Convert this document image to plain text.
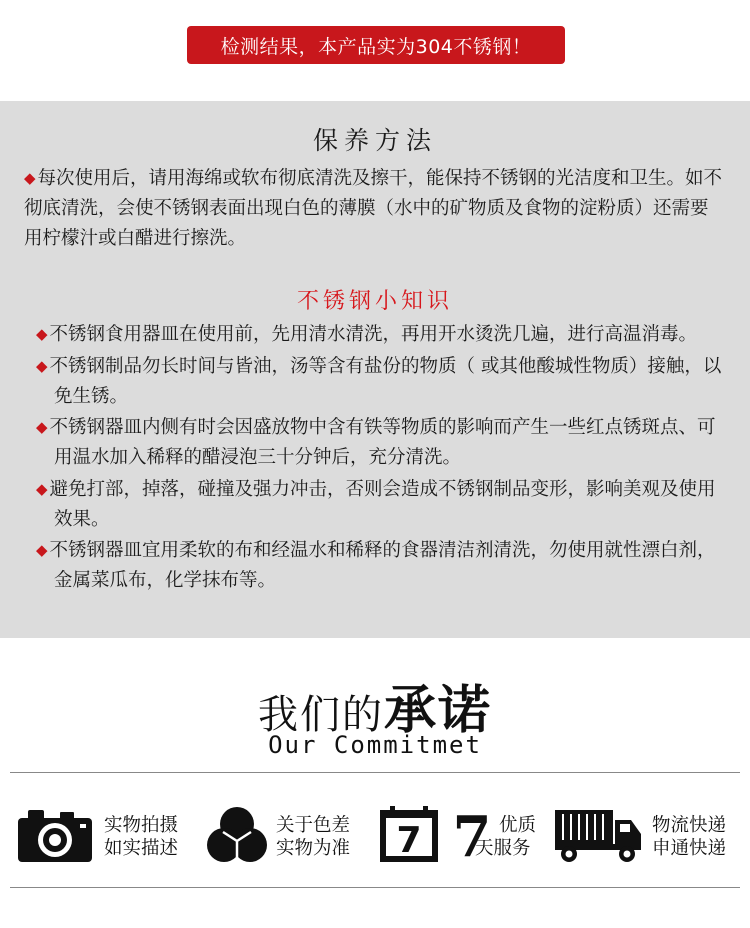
检测结果，本产品实为304不锈钢！
保养方法
◆ 每次使用后，请用海绵或软布彻底清洗及擦干，能保持不锈钢的光洁度和卫生。如不彻底清洗，会使不锈钢表面出现白色的薄膜（水中的矿物质及食物的淀粉质）还需要用柠檬汁或白醋进行擦洗。
不锈钢小知识
◆ 不锈钢食用器皿在使用前，先用清水清洗，再用开水烫洗几遍，进行高温消毒。
◆ 不锈钢制品勿长时间与皆油，汤等含有盐份的物质（ 或其他酸城性物质）接触，以免生锈。
◆ 不锈钢器皿内侧有时会因盛放物中含有铁等物质的影响而产生一些红点锈斑点、可用温水加入稀释的醋浸泡三十分钟后，充分清洗。
◆ 避免打部，掉落，碰撞及强力冲击，否则会造成不锈钢制品变形，影响美观及使用效果。
◆ 不锈钢器皿宜用柔软的布和经温水和稀释的食器清洁剂清洗，勿使用就性漂白剂，金属菜瓜布，化学抹布等。
我们的承诺
Our Commitmet
实物拍摄
如实描述
关于色差
实物为准 7 7 优质
天服务
物流快递
申通快递
